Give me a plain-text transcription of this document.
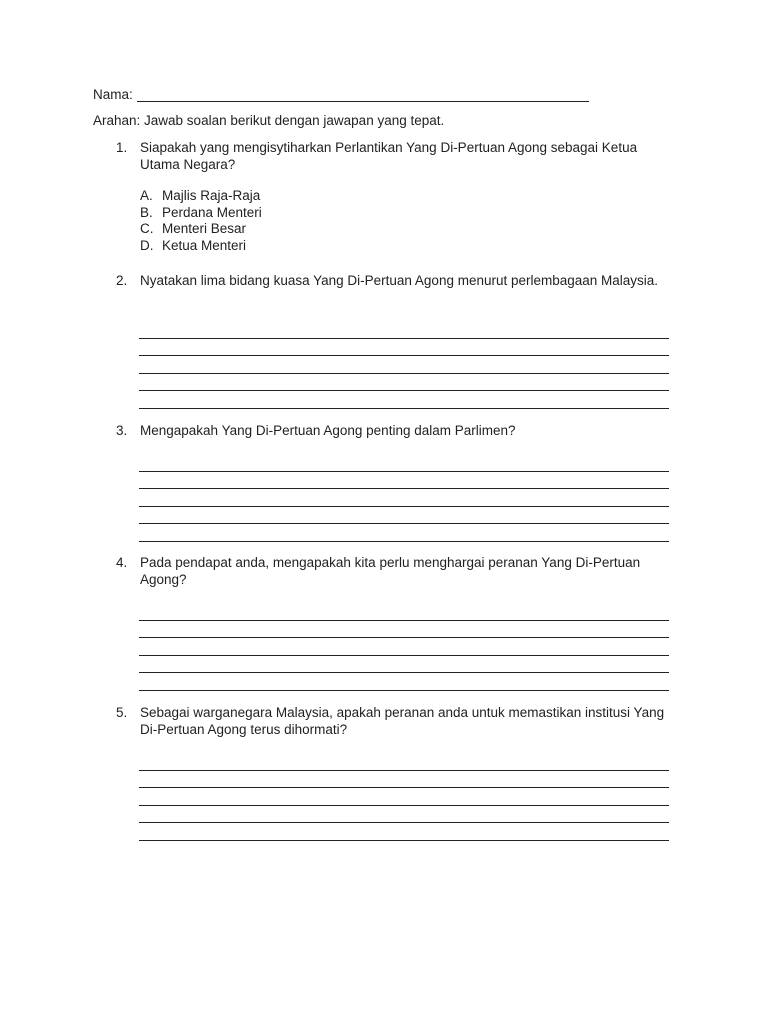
Nama:
Arahan: Jawab soalan berikut dengan jawapan yang tepat.
1. Siapakah yang mengisytiharkan Perlantikan Yang Di-Pertuan Agong sebagai Ketua Utama Negara?
A. Majlis Raja-Raja
B. Perdana Menteri
C. Menteri Besar
D. Ketua Menteri
2. Nyatakan lima bidang kuasa Yang Di-Pertuan Agong menurut perlembagaan Malaysia.
3. Mengapakah Yang Di-Pertuan Agong penting dalam Parlimen?
4. Pada pendapat anda, mengapakah kita perlu menghargai peranan Yang Di-Pertuan Agong?
5. Sebagai warganegara Malaysia, apakah peranan anda untuk memastikan institusi Yang Di-Pertuan Agong terus dihormati?
